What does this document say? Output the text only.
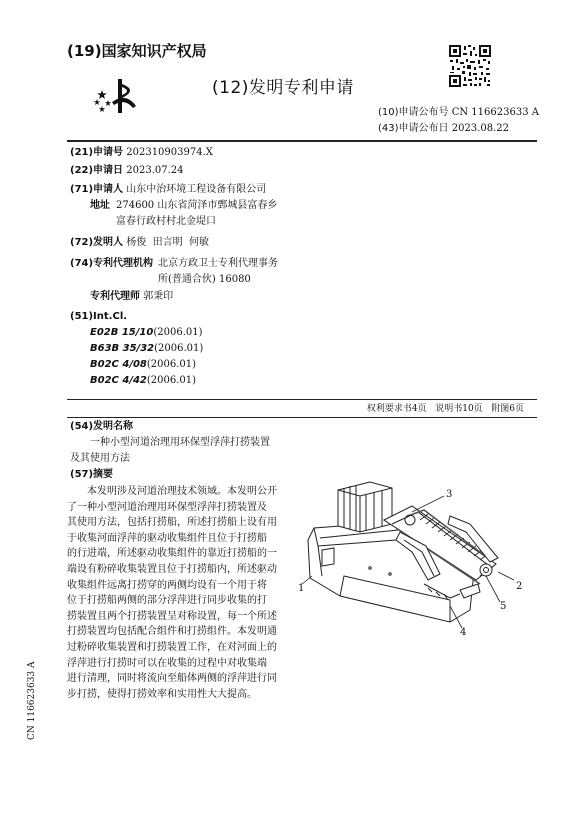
(19)国家知识产权局
(12)发明专利申请
(10)申请公布号 CN 116623633 A
(43)申请公布日 2023.08.22
(21)申请号 202310903974.X
(22)申请日 2023.07.24
(71)申请人 山东中治环境工程设备有限公司
地址 274600 山东省菏泽市鄄城县富春乡
富春行政村村北金堤口
(72)发明人 杨俊  田言明  何敏
(74)专利代理机构 北京方政卫士专利代理事务
所(普通合伙) 16080
专利代理师 郭秉印
(51)Int.Cl.
E02B 15/10(2006.01)
B63B 35/32(2006.01)
B02C 4/08(2006.01)
B02C 4/42(2006.01)
权利要求书4页   说明书10页   附图6页
(54)发明名称
一种小型河道治理用环保型浮萍打捞装置
及其使用方法
(57)摘要
本发明涉及河道治理技术领域。本发明公开
了一种小型河道治理用环保型浮萍打捞装置及
其使用方法，包括打捞船，所述打捞船上设有用
于收集河面浮萍的驱动收集组件且位于打捞船
的行进端，所述驱动收集组件的靠近打捞船的一
端设有粉碎收集装置且位于打捞船内，所述驱动
收集组件远离打捞穿的两侧均设有一个用于将
位于打捞船两侧的部分浮萍进行同步收集的打
捞装置且两个打捞装置呈对称设置，每一个所述
打捞装置均包括配合组件和打捞组件。本发明通
过粉碎收集装置和打捞装置工作，在对河面上的
浮萍进行打捞时可以在收集的过程中对收集端
进行清理，同时将流向至船体两侧的浮萍进行同
步打捞，使得打捞效率和实用性大大提高。
CN 116623633 A
1	2
3
4
5
